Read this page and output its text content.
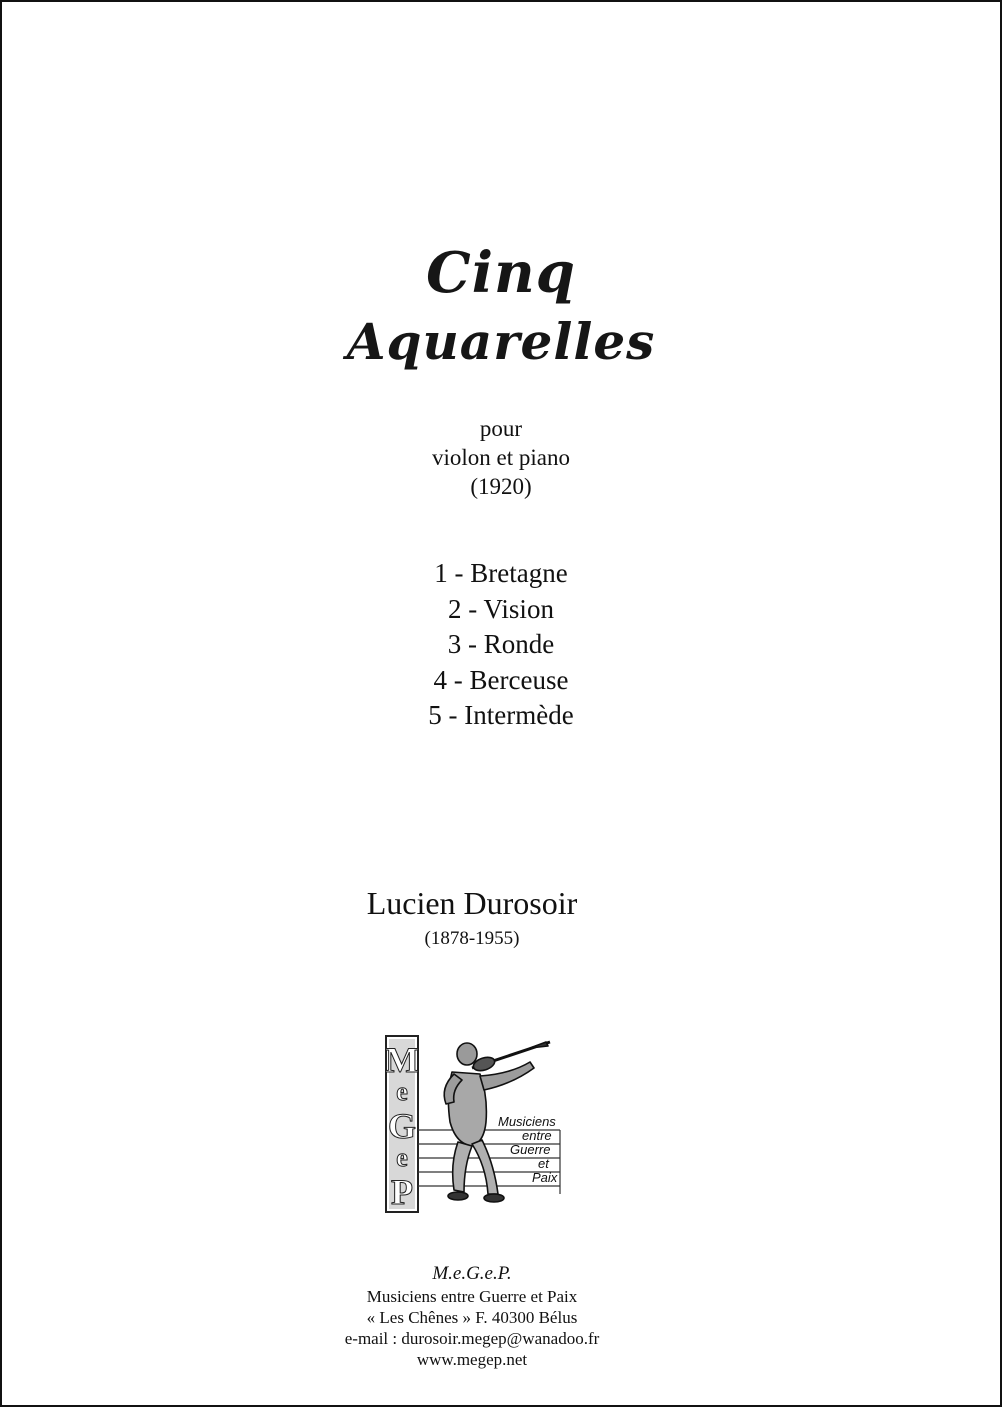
Cinq
Aquarelles
pour
violon et piano
(1920)
1 - Bretagne
2 - Vision
3 - Ronde
4 - Berceuse
5 - Intermède
Lucien Durosoir
(1878-1955)
M
e
G
e
P
Musiciens
entre
Guerre
et
Paix
M.e.G.e.P.
Musiciens entre Guerre et Paix
« Les Chênes » F. 40300 Bélus
e-mail : durosoir.megep@wanadoo.fr
www.megep.net
